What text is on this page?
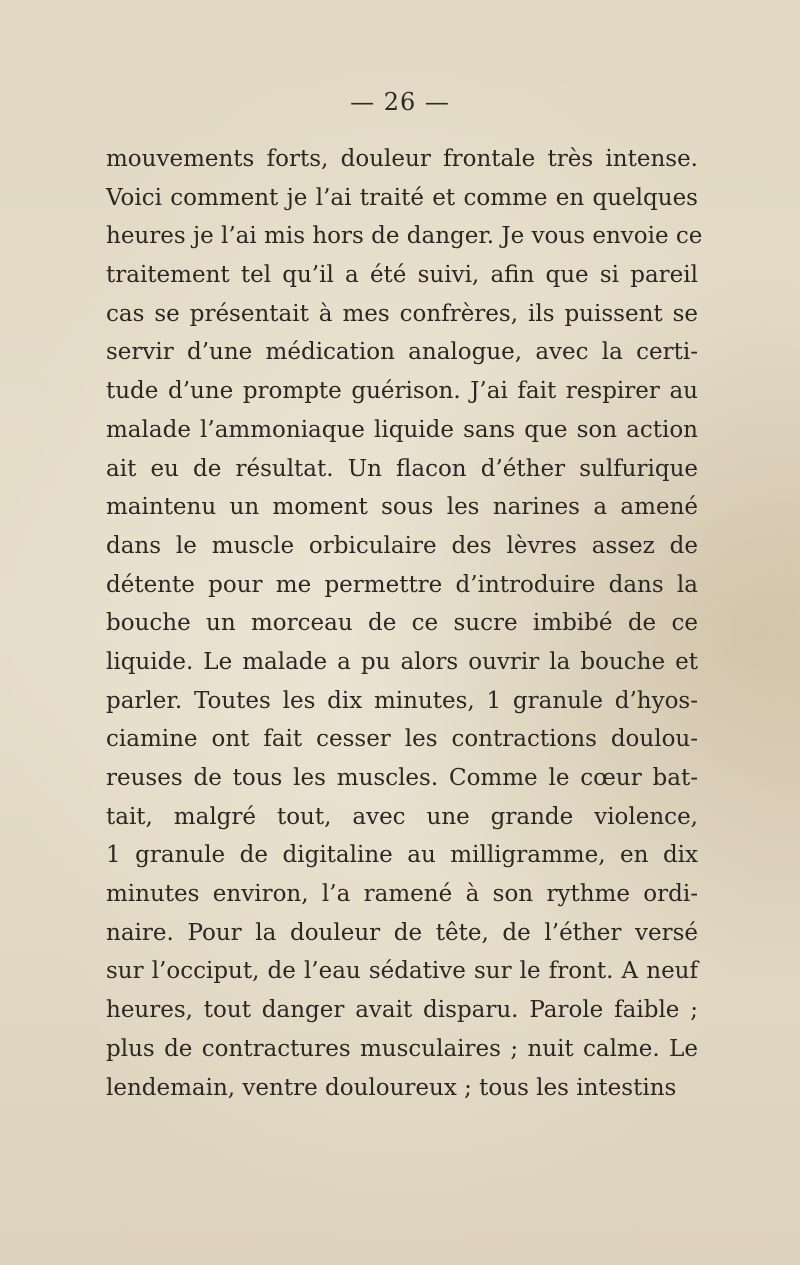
— 26 —
mouvements forts, douleur frontale très intense.
Voici comment je l’ai traité et comme en quelques
heures je l’ai mis hors de danger. Je vous envoie ce
traitement tel qu’il a été suivi, afin que si pareil
cas se présentait à mes confrères, ils puissent se
servir d’une médication analogue, avec la certi-
tude d’une prompte guérison. J’ai fait respirer au
malade l’ammoniaque liquide sans que son action
ait eu de résultat. Un flacon d’éther sulfurique
maintenu un moment sous les narines a amené
dans le muscle orbiculaire des lèvres assez de
détente pour me permettre d’introduire dans la
bouche un morceau de ce sucre imbibé de ce
liquide. Le malade a pu alors ouvrir la bouche et
parler. Toutes les dix minutes, 1 granule d’hyos-
ciamine ont fait cesser les contractions doulou-
reuses de tous les muscles. Comme le cœur bat-
tait, malgré tout, avec une grande violence,
1 granule de digitaline au milligramme, en dix
minutes environ, l’a ramené à son rythme ordi-
naire. Pour la douleur de tête, de l’éther versé
sur l’occiput, de l’eau sédative sur le front. A neuf
heures, tout danger avait disparu. Parole faible ;
plus de contractures musculaires ; nuit calme. Le
lendemain, ventre douloureux ; tous les intestins
